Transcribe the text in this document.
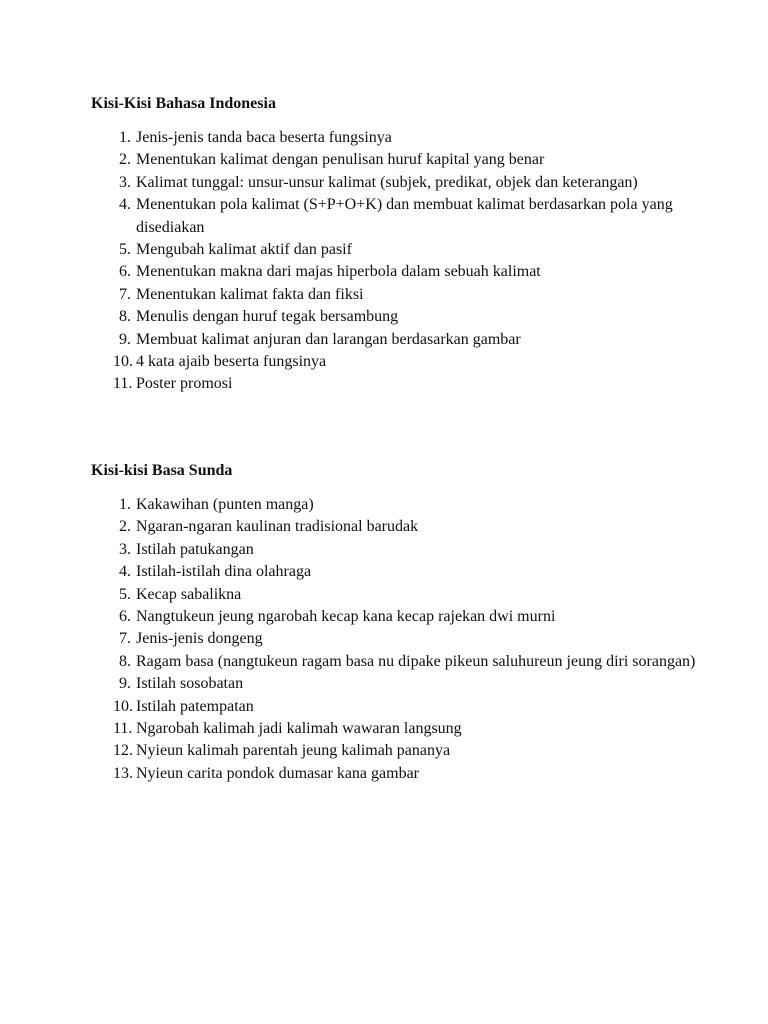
Kisi-Kisi Bahasa Indonesia
1. Jenis-jenis tanda baca beserta fungsinya
2. Menentukan kalimat dengan penulisan huruf kapital yang benar
3. Kalimat tunggal: unsur-unsur kalimat (subjek, predikat, objek dan keterangan)
4. Menentukan pola kalimat (S+P+O+K) dan membuat kalimat berdasarkan pola yang disediakan
5. Mengubah kalimat aktif dan pasif
6. Menentukan makna dari majas hiperbola dalam sebuah kalimat
7. Menentukan kalimat fakta dan fiksi
8. Menulis dengan huruf tegak bersambung
9. Membuat kalimat anjuran dan larangan berdasarkan gambar
10. 4 kata ajaib beserta fungsinya
11. Poster promosi
Kisi-kisi Basa Sunda
1. Kakawihan (punten manga)
2. Ngaran-ngaran kaulinan tradisional barudak
3. Istilah patukangan
4. Istilah-istilah dina olahraga
5. Kecap sabalikna
6. Nangtukeun jeung ngarobah kecap kana kecap rajekan dwi murni
7. Jenis-jenis dongeng
8. Ragam basa (nangtukeun ragam basa nu dipake pikeun saluhureun jeung diri sorangan)
9. Istilah sosobatan
10. Istilah patempatan
11. Ngarobah kalimah jadi kalimah wawaran langsung
12. Nyieun kalimah parentah jeung kalimah pananya
13. Nyieun carita pondok dumasar kana gambar
